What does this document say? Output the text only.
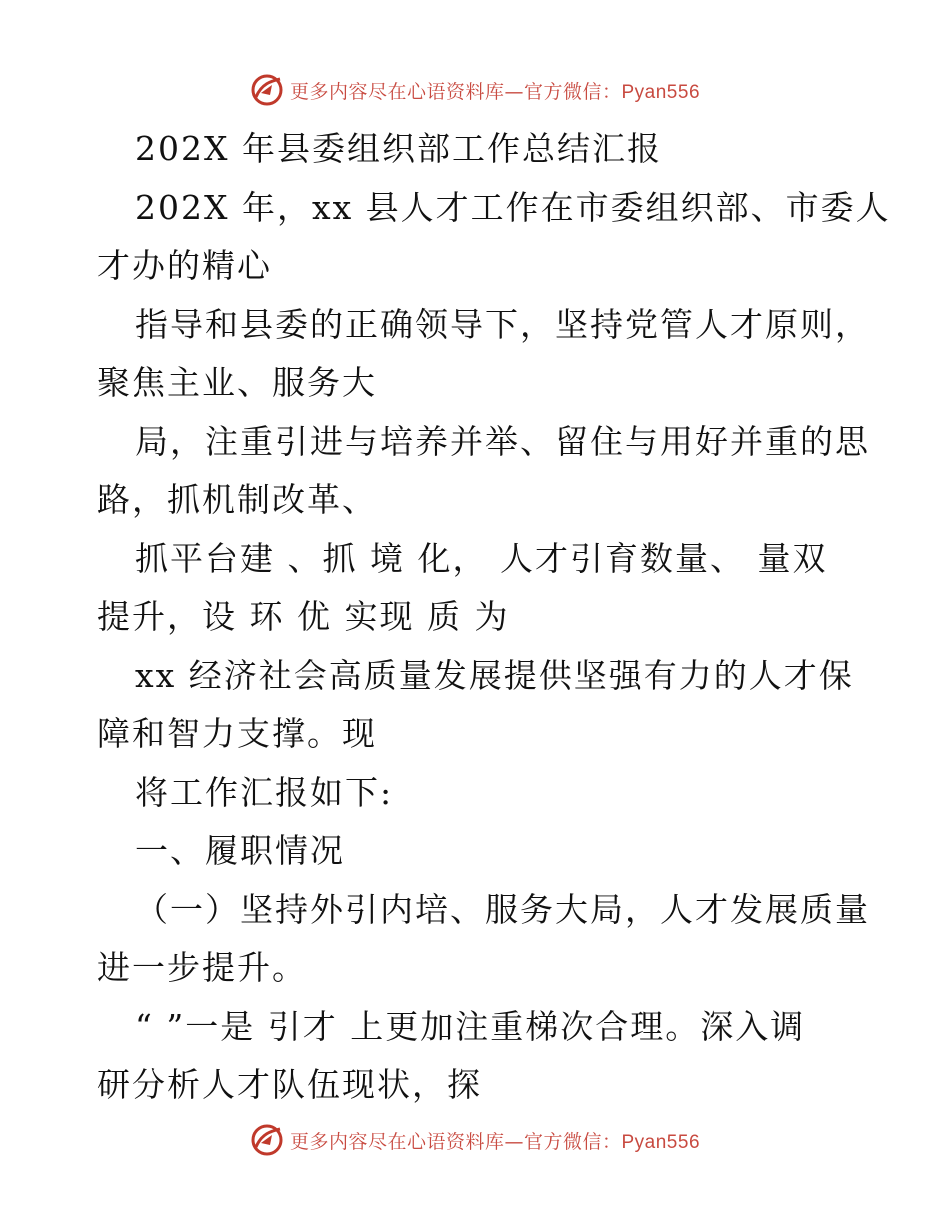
更多内容尽在心语资料库—官方微信：Pyan556
202X 年县委组织部工作总结汇报
202X 年，xx 县人才工作在市委组织部、市委人
才办的精心
指导和县委的正确领导下，坚持党管人才原则，
聚焦主业、服务大
局，注重引进与培养并举、留住与用好并重的思
路，抓机制改革、
抓平台建 、抓 境 化， 人才引育数量、 量双
提升，设 环 优 实现 质 为
xx 经济社会高质量发展提供坚强有力的人才保
障和智力支撑。现
将工作汇报如下:
一、履职情况
（一）坚持外引内培、服务大局，人才发展质量
进一步提升。
“ ”一是 引才 上更加注重梯次合理。深入调
研分析人才队伍现状，探
更多内容尽在心语资料库—官方微信：Pyan556
